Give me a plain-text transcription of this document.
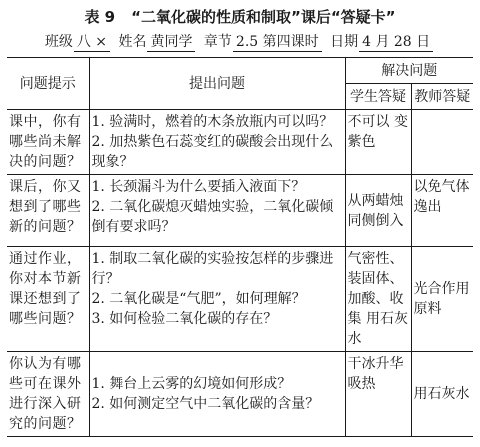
表 9 “二氧化碳的性质和制取”课后“答疑卡”
班级 八 × 姓名 黄同学 章节 2.5 第四课时 日期 4 月 28 日
问题提示	提出问题	解决问题	
		学生答疑	教师答疑
课中，你有哪些尚未解决的问题？	1. 验满时，燃着的木条放瓶内可以吗？
2. 加热紫色石蕊变红的碳酸会出现什么现象？	不可以 变紫色	
课后，你又想到了哪些新的问题？	1. 长颈漏斗为什么要插入液面下？
2. 二氧化碳熄灭蜡烛实验，二氧化碳倾倒有要求吗？	从两蜡烛同侧倒入	以免气体逸出
通过作业，你对本节新课还想到了哪些问题？	1. 制取二氧化碳的实验按怎样的步骤进行？
2. 二氧化碳是“气肥”，如何理解？
3. 如何检验二氧化碳的存在？	气密性、装固体、加酸、收集 用石灰水	光合作用原料
你认为有哪些可在课外进行深入研究的问题？	1. 舞台上云雾的幻境如何形成？
2. 如何测定空气中二氧化碳的含量？	干冰升华吸热	用石灰水
